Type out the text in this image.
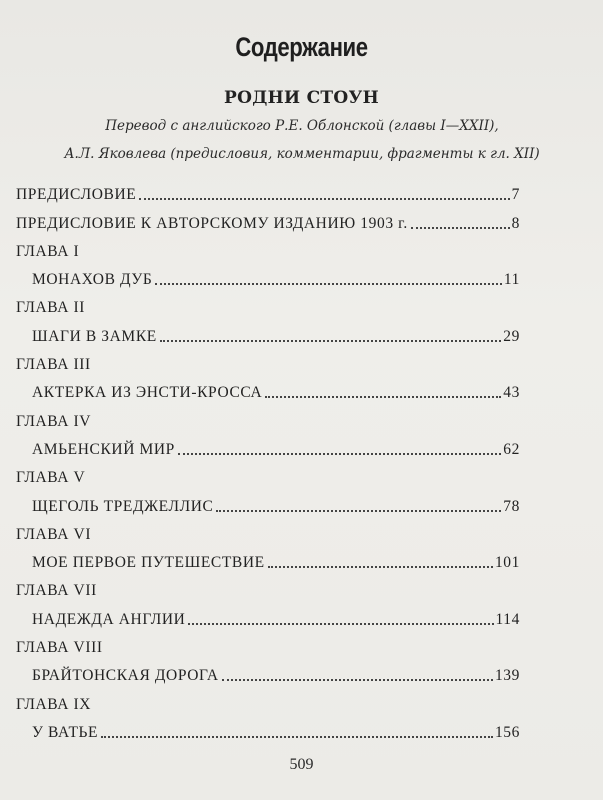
Содержание
РОДНИ СТОУН
Перевод с английского Р.Е. Облонской (главы I—XXII),
А.Л. Яковлева (предисловия, комментарии, фрагменты к гл. XII)
ПРЕДИСЛОВИЕ	7
ПРЕДИСЛОВИЕ К АВТОРСКОМУ ИЗДАНИЮ 1903 г.	8
ГЛАВА I
МОНАХОВ ДУБ	11
ГЛАВА II
ШАГИ В ЗАМКЕ	29
ГЛАВА III
АКТЕРКА ИЗ ЭНСТИ-КРОССА	43
ГЛАВА IV
АМЬЕНСКИЙ МИР	62
ГЛАВА V
ЩЕГОЛЬ ТРЕДЖЕЛЛИС	78
ГЛАВА VI
МОЕ ПЕРВОЕ ПУТЕШЕСТВИЕ	101
ГЛАВА VII
НАДЕЖДА АНГЛИИ	114
ГЛАВА VIII
БРАЙТОНСКАЯ ДОРОГА	139
ГЛАВА IX
У ВАТЬЕ	156
509
